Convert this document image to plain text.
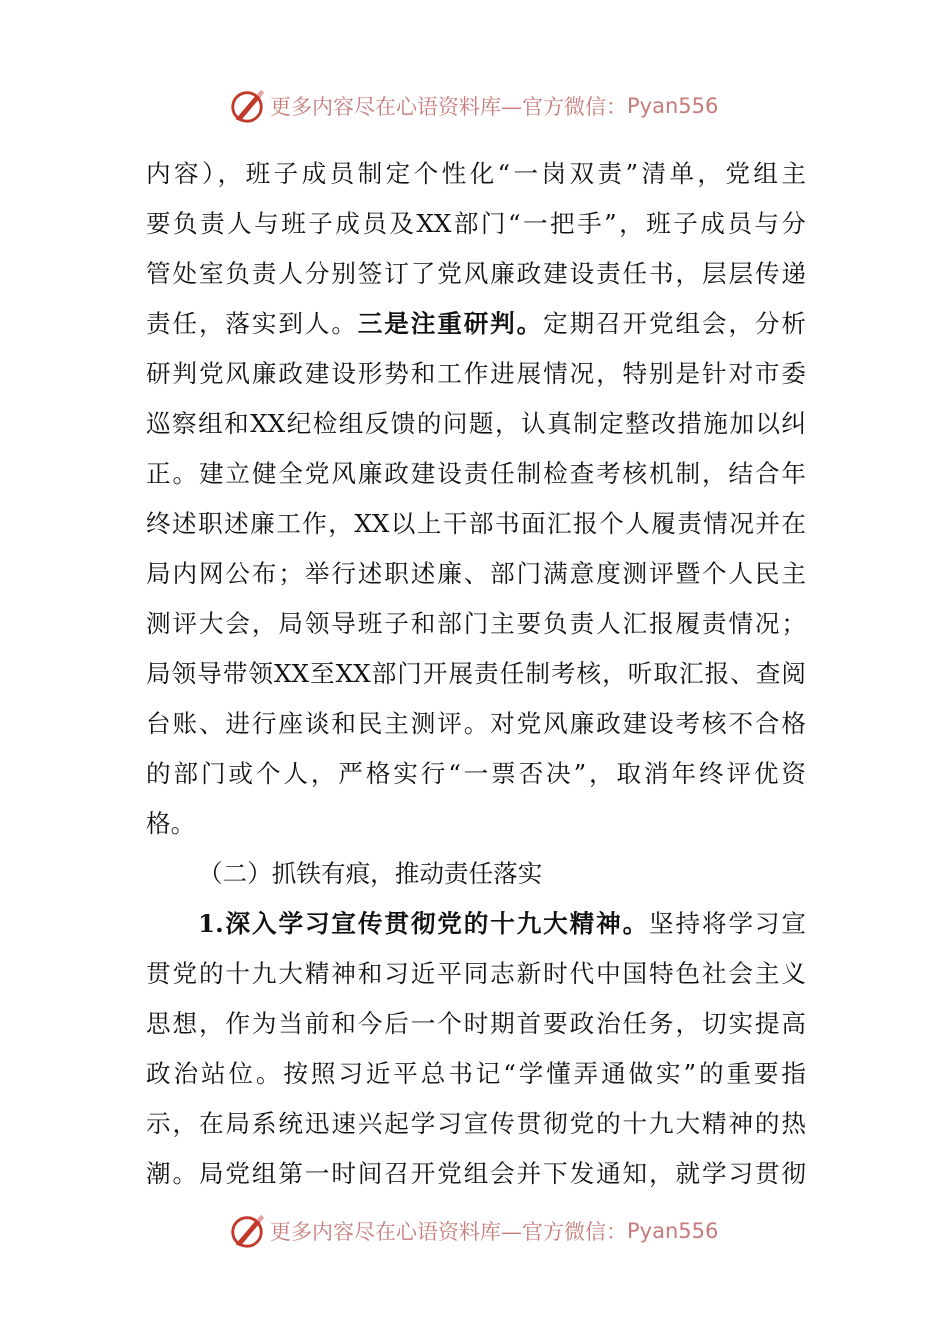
更多内容尽在心语资料库—官方微信： Pyan556
内容），班子成员制定个性化“一岗双责”清单，党组主
要负责人与班子成员及XX部门“一把手”，班子成员与分
管处室负责人分别签订了党风廉政建设责任书，层层传递
责任，落实到人。三是注重研判。定期召开党组会，分析
研判党风廉政建设形势和工作进展情况，特别是针对市委
巡察组和XX纪检组反馈的问题，认真制定整改措施加以纠
正。建立健全党风廉政建设责任制检查考核机制，结合年
终述职述廉工作，XX以上干部书面汇报个人履责情况并在
局内网公布；举行述职述廉、部门满意度测评暨个人民主
测评大会，局领导班子和部门主要负责人汇报履责情况；
局领导带领XX至XX部门开展责任制考核，听取汇报、查阅
台账、进行座谈和民主测评。对党风廉政建设考核不合格
的部门或个人，严格实行“一票否决”，取消年终评优资
格。
（二）抓铁有痕，推动责任落实
1.深入学习宣传贯彻党的十九大精神。坚持将学习宣
贯党的十九大精神和习近平同志新时代中国特色社会主义
思想，作为当前和今后一个时期首要政治任务，切实提高
政治站位。按照习近平总书记“学懂弄通做实”的重要指
示，在局系统迅速兴起学习宣传贯彻党的十九大精神的热
潮。局党组第一时间召开党组会并下发通知，就学习贯彻
更多内容尽在心语资料库—官方微信： Pyan556
